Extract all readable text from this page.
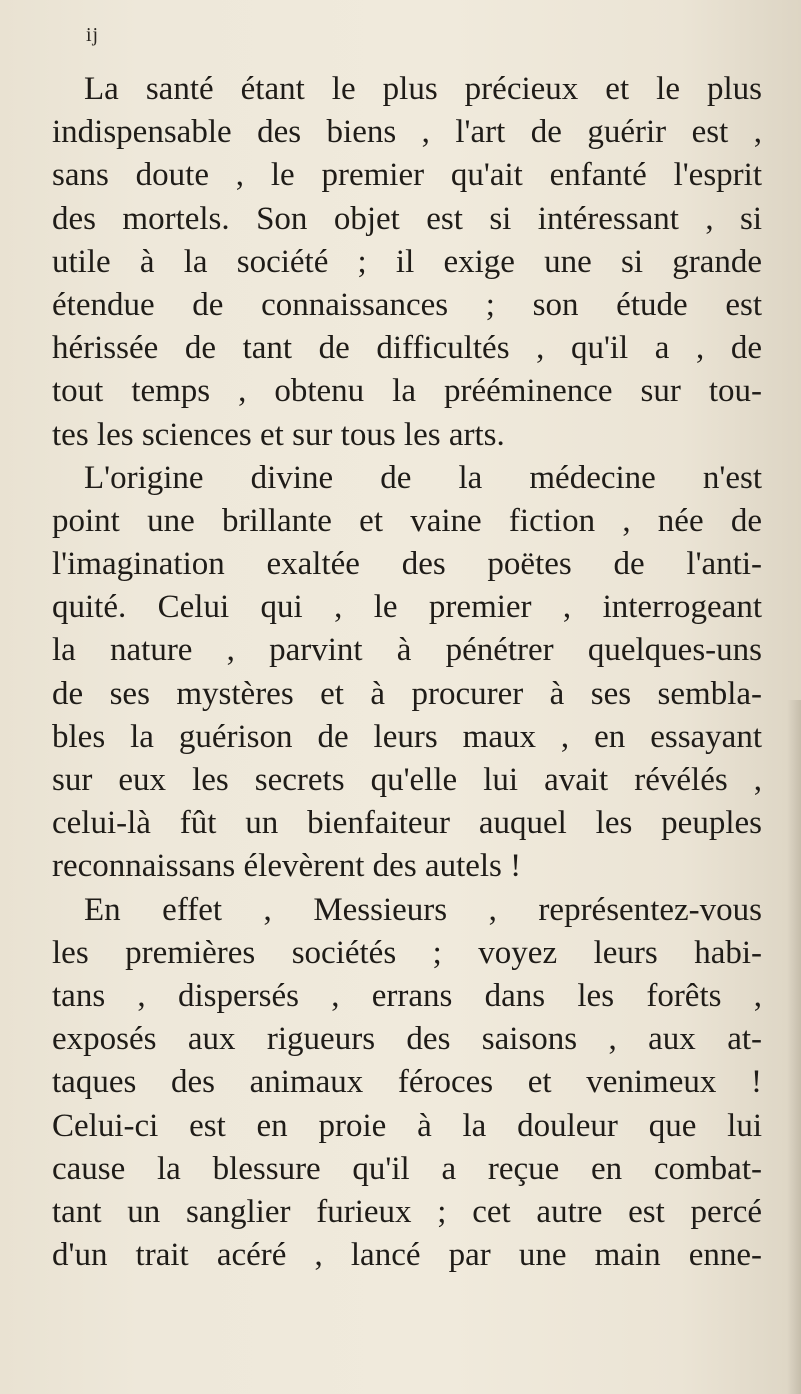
ij
La santé étant le plus précieux et le plus
indispensable des biens , l'art de guérir est ,
sans doute , le premier qu'ait enfanté l'esprit
des mortels. Son objet est si intéressant , si
utile à la société ; il exige une si grande
étendue de connaissances ; son étude est
hérissée de tant de difficultés , qu'il a , de
tout temps , obtenu la prééminence sur tou-
tes les sciences et sur tous les arts.
L'origine divine de la médecine n'est
point une brillante et vaine fiction , née de
l'imagination exaltée des poëtes de l'anti-
quité. Celui qui , le premier , interrogeant
la nature , parvint à pénétrer quelques-uns
de ses mystères et à procurer à ses sembla-
bles la guérison de leurs maux , en essayant
sur eux les secrets qu'elle lui avait révélés ,
celui-là fût un bienfaiteur auquel les peuples
reconnaissans élevèrent des autels !
En effet , Messieurs , représentez-vous
les premières sociétés ; voyez leurs habi-
tans , dispersés , errans dans les forêts ,
exposés aux rigueurs des saisons , aux at-
taques des animaux féroces et venimeux !
Celui-ci est en proie à la douleur que lui
cause la blessure qu'il a reçue en combat-
tant un sanglier furieux ; cet autre est percé
d'un trait acéré , lancé par une main enne-
